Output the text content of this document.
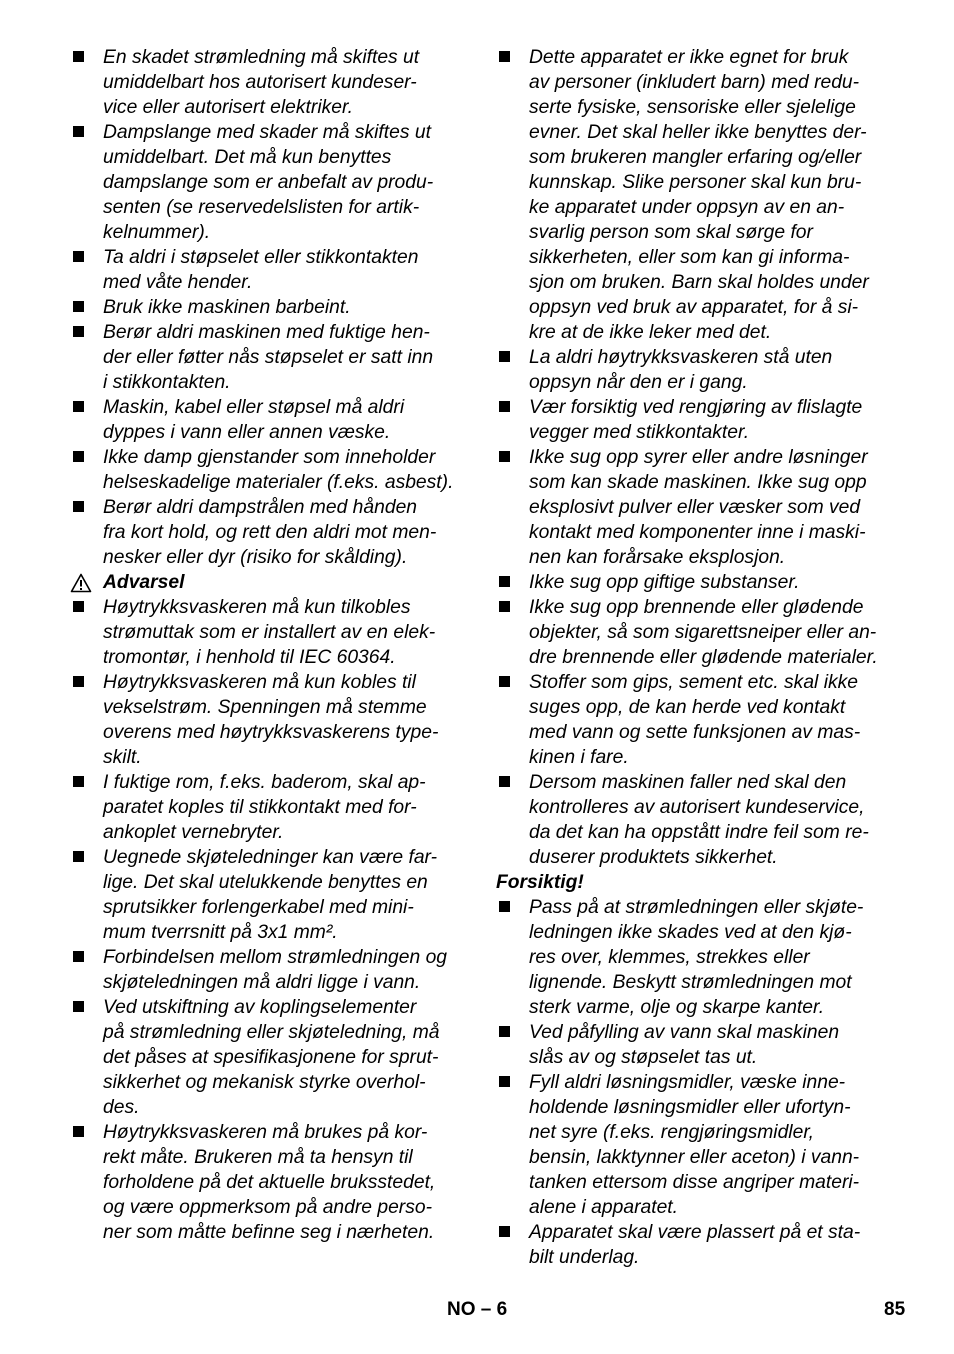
En skadet strømledning må skiftes ut
umiddelbart hos autorisert kundeser-
vice eller autorisert elektriker.
Dampslange med skader må skiftes ut
umiddelbart. Det må kun benyttes
dampslange som er anbefalt av produ-
senten (se reservedelslisten for artik-
kelnummer).
Ta aldri i støpselet eller stikkontakten
med våte hender.
Bruk ikke maskinen barbeint.
Berør aldri maskinen med fuktige hen-
der eller føtter nås støpselet er satt inn
i stikkontakten.
Maskin, kabel eller støpsel må aldri
dyppes i vann eller annen væske.
Ikke damp gjenstander som inneholder
helseskadelige materialer (f.eks. asbest).
Berør aldri dampstrålen med hånden
fra kort hold, og rett den aldri mot men-
nesker eller dyr (risiko for skålding).
Advarsel
Høytrykksvaskeren må kun tilkobles
strømuttak som er installert av en elek-
tromontør, i henhold til IEC 60364.
Høytrykksvaskeren må kun kobles til
vekselstrøm. Spenningen må stemme
overens med høytrykksvaskerens type-
skilt.
I fuktige rom, f.eks. baderom, skal ap-
paratet koples til stikkontakt med for-
ankoplet vernebryter.
Uegnede skjøteledninger kan være far-
lige. Det skal utelukkende benyttes en
sprutsikker forlengerkabel med mini-
mum tverrsnitt på 3x1 mm².
Forbindelsen mellom strømledningen og
skjøteledningen må aldri ligge i vann.
Ved utskiftning av koplingselementer
på strømledning eller skjøteledning, må
det påses at spesifikasjonene for sprut-
sikkerhet og mekanisk styrke overhol-
des.
Høytrykksvaskeren må brukes på kor-
rekt måte. Brukeren må ta hensyn til
forholdene på det aktuelle bruksstedet,
og være oppmerksom på andre perso-
ner som måtte befinne seg i nærheten.
Dette apparatet er ikke egnet for bruk
av personer (inkludert barn) med redu-
serte fysiske, sensoriske eller sjelelige
evner. Det skal heller ikke benyttes der-
som brukeren mangler erfaring og/eller
kunnskap. Slike personer skal kun bru-
ke apparatet under oppsyn av en an-
svarlig person som skal sørge for
sikkerheten, eller som kan gi informa-
sjon om bruken. Barn skal holdes under
oppsyn ved bruk av apparatet, for å si-
kre at de ikke leker med det.
La aldri høytrykksvaskeren stå uten
oppsyn når den er i gang.
Vær forsiktig ved rengjøring av flislagte
vegger med stikkontakter.
Ikke sug opp syrer eller andre løsninger
som kan skade maskinen. Ikke sug opp
eksplosivt pulver eller væsker som ved
kontakt med komponenter inne i maski-
nen kan forårsake eksplosjon.
Ikke sug opp giftige substanser.
Ikke sug opp brennende eller glødende
objekter, så som sigarettsneiper eller an-
dre brennende eller glødende materialer.
Stoffer som gips, sement etc. skal ikke
suges opp, de kan herde ved kontakt
med vann og sette funksjonen av mas-
kinen i fare.
Dersom maskinen faller ned skal den
kontrolleres av autorisert kundeservice,
da det kan ha oppstått indre feil som re-
duserer produktets sikkerhet.
Forsiktig!
Pass på at strømledningen eller skjøte-
ledningen ikke skades ved at den kjø-
res over, klemmes, strekkes eller
lignende. Beskytt strømledningen mot
sterk varme, olje og skarpe kanter.
Ved påfylling av vann skal maskinen
slås av og støpselet tas ut.
Fyll aldri løsningsmidler, væske inne-
holdende løsningsmidler eller ufortyn-
net syre (f.eks. rengjøringsmidler,
bensin, lakktynner eller aceton) i vann-
tanken ettersom disse angriper materi-
alene i apparatet.
Apparatet skal være plassert på et sta-
bilt underlag.
NO – 6	85
